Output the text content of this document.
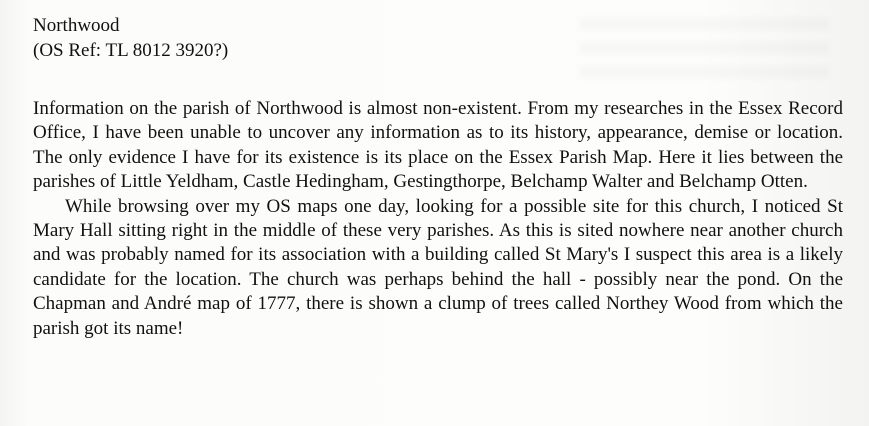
Northwood

(OS Ref: TL 8012 3920?)

Information on the parish of Northwood is almost non-existent. From my researches in the Essex Record Office, I have been unable to uncover any information as to its history, appearance, demise or location. The only evidence I have for its existence is its place on the Essex Parish Map. Here it lies between the parishes of Little Yeldham, Castle Hedingham, Gestingthorpe, Belchamp Walter and Belchamp Otten.

While browsing over my OS maps one day, looking for a possible site for this church, I noticed St Mary Hall sitting right in the middle of these very parishes. As this is sited nowhere near another church and was probably named for its association with a building called St Mary's I suspect this area is a likely candidate for the location. The church was perhaps behind the hall - possibly near the pond. On the Chapman and André map of 1777, there is shown a clump of trees called Northey Wood from which the parish got its name!
